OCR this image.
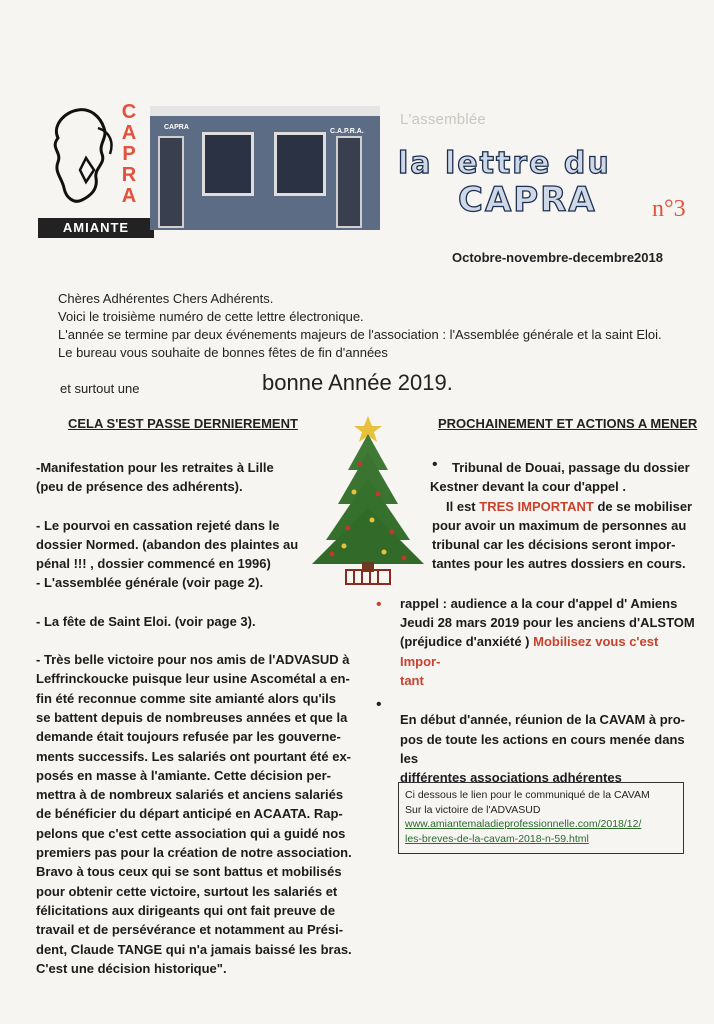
L'assemblée
C
A
P
R
A
AMIANTE
CAPRA
C.A.P.R.A.
la lettre du
CAPRA n°3
Octobre-novembre-decembre2018

Chères Adhérentes Chers Adhérents.

Voici le troisième numéro de cette lettre électronique.

L'année se termine par deux événements majeurs de l'association : l'Assemblée générale et la saint Eloi.

Le bureau vous souhaite de bonnes fêtes de fin d'années

et surtout une	bonne Année 2019.
CELA S'EST PASSE DERNIEREMENT	PROCHAINEMENT ET ACTIONS A MENER

-Manifestation pour les retraites à Lille

(peu de présence des adhérents).

- Le pourvoi en cassation rejeté dans le

dossier Normed. (abandon des plaintes au

pénal !!! , dossier commencé en 1996)

- L'assemblée générale (voir page 2).

- La fête de Saint Eloi. (voir page 3).

- Très belle victoire pour nos amis de l'ADVASUD à

Leffrinckoucke puisque leur usine Ascométal a en-

fin été reconnue comme site amianté alors qu'ils

se battent depuis de nombreuses années et que la

demande était toujours refusée par les gouverne-

ments successifs. Les salariés ont pourtant été ex-

posés en masse à l'amiante. Cette décision per-

mettra à de nombreux salariés et anciens salariés

de bénéficier du départ anticipé en ACAATA. Rap-

pelons que c'est cette association qui a guidé nos

premiers pas pour la création de notre association.

Bravo à tous ceux qui se sont battus et mobilisés

pour obtenir cette victoire, surtout les salariés et

félicitations aux dirigeants qui ont fait preuve de

travail et de persévérance et notamment au Prési-

dent, Claude TANGE qui n'a jamais baissé les bras.

C'est une décision historique".

•	Tribunal de Douai, passage du dossier

Kestner devant la cour d'appel .

Il est TRES IMPORTANT de se mobiliser

pour avoir un maximum de personnes au

tribunal car les décisions seront impor-

tantes pour les autres dossiers en cours.

rappel : audience a la cour d'appel d' Amiens

Jeudi 28 mars 2019 pour les anciens d'ALSTOM

(préjudice d'anxiété ) Mobilisez vous c'est Impor-

tant

En début d'année, réunion de la CAVAM à pro-

pos de toute les actions en cours menée dans les

différentes associations adhérentes

•
•
Ci dessous le lien pour le communiqué de la CAVAM
Sur la victoire de l'ADVASUD
www.amiantemaladieprofessionnelle.com/2018/12/
les-breves-de-la-cavam-2018-n-59.html
